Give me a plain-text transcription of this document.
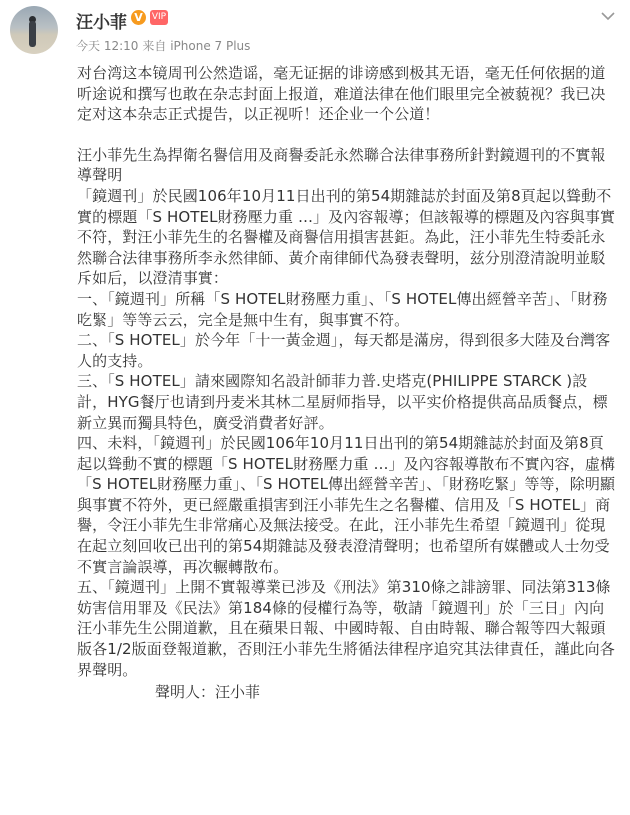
汪小菲 V	VIP
今天 12:10 来自 iPhone 7 Plus

对台湾这本镜周刊公然造谣，毫无证据的诽谤感到极其无语，毫无任何依据的道听途说和撰写也敢在杂志封面上报道，难道法律在他们眼里完全被藐视？我已决定对这本杂志正式提告，以正视听！还企业一个公道！

汪小菲先生為捍衛名譽信用及商譽委託永然聯合法律事務所針對鏡週刊的不實報導聲明

「鏡週刊」於民國106年10月11日出刊的第54期雜誌於封面及第8頁起以聳動不實的標題「S HOTEL財務壓力重 …」及內容報導；但該報導的標題及內容與事實不符，對汪小菲先生的名譽權及商譽信用損害甚鉅。為此，汪小菲先生特委託永然聯合法律事務所李永然律師、黃介南律師代為發表聲明，兹分別澄清說明並駁斥如后，以澄清事實：

一、「鏡週刊」所稱「S HOTEL財務壓力重」、「S HOTEL傳出經營辛苦」、「財務吃緊」等等云云，完全是無中生有，與事實不符。

二、「S HOTEL」於今年「十一黃金週」，每天都是滿房，得到很多大陸及台灣客人的支持。

三、「S HOTEL」請來國際知名設計師菲力普.史塔克(PHILIPPE STARCK )設計，HYG餐厅也请到丹麦米其林二星厨师指导，以平实价格提供高品质餐点，標新立異而獨具特色，廣受消費者好評。

四、未料，「鏡週刊」於民國106年10月11日出刊的第54期雜誌於封面及第8頁起以聳動不實的標題「S HOTEL財務壓力重 …」及內容報導散布不實內容，虛構「S HOTEL財務壓力重」、「S HOTEL傳出經營辛苦」、「財務吃緊」等等，除明顯與事實不符外，更已經嚴重損害到汪小菲先生之名譽權、信用及「S HOTEL」商譽，令汪小菲先生非常痛心及無法接受。在此，汪小菲先生希望「鏡週刊」從現在起立刻回收已出刊的第54期雜誌及發表澄清聲明；也希望所有媒體或人士勿受不實言論誤導，再次輾轉散布。

五、「鏡週刊」上開不實報導業已涉及《刑法》第310條之誹謗罪、同法第313條妨害信用罪及《民法》第184條的侵權行為等，敬請「鏡週刊」於「三日」內向汪小菲先生公開道歉，且在蘋果日報、中國時報、自由時報、聯合報等四大報頭版各1/2版面登報道歉，否則汪小菲先生將循法律程序追究其法律責任，謹此向各界聲明。

聲明人：汪小菲
